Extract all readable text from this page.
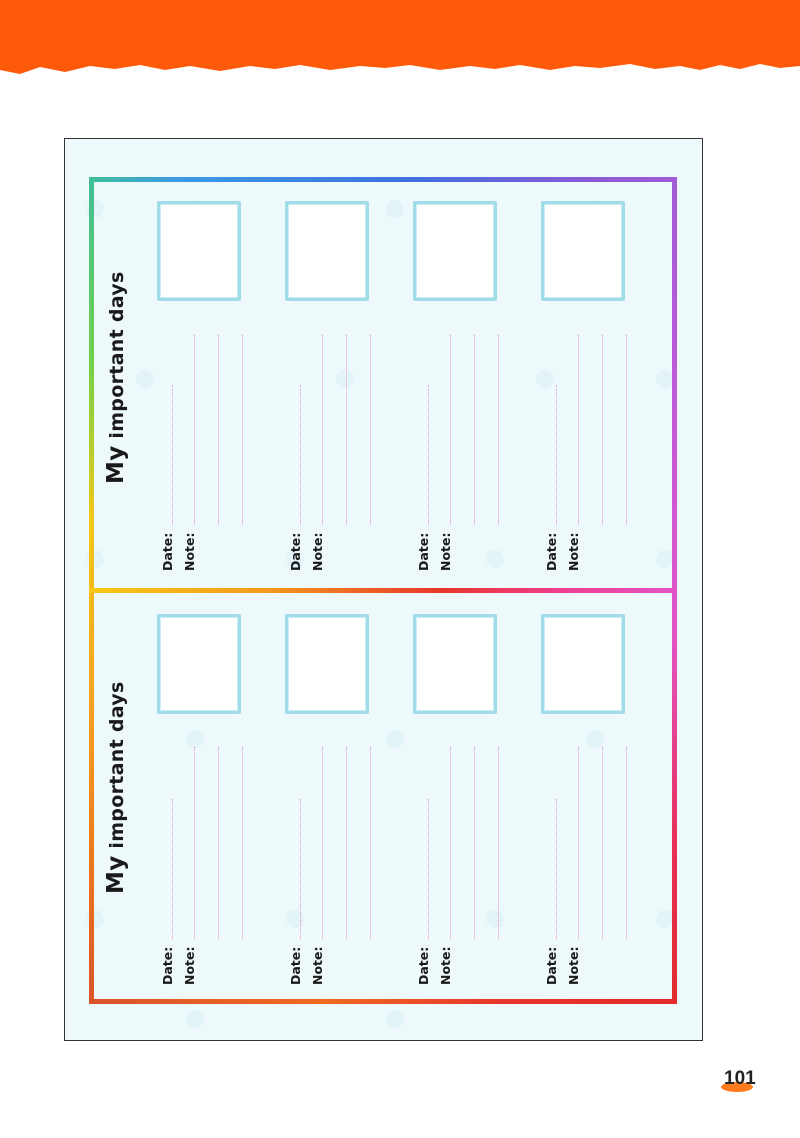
My important days
Date: Note:	Date: Note:	Date: Note:	Date: Note:
My important days
Date: Note:	Date: Note:	Date: Note:	Date: Note:
101
